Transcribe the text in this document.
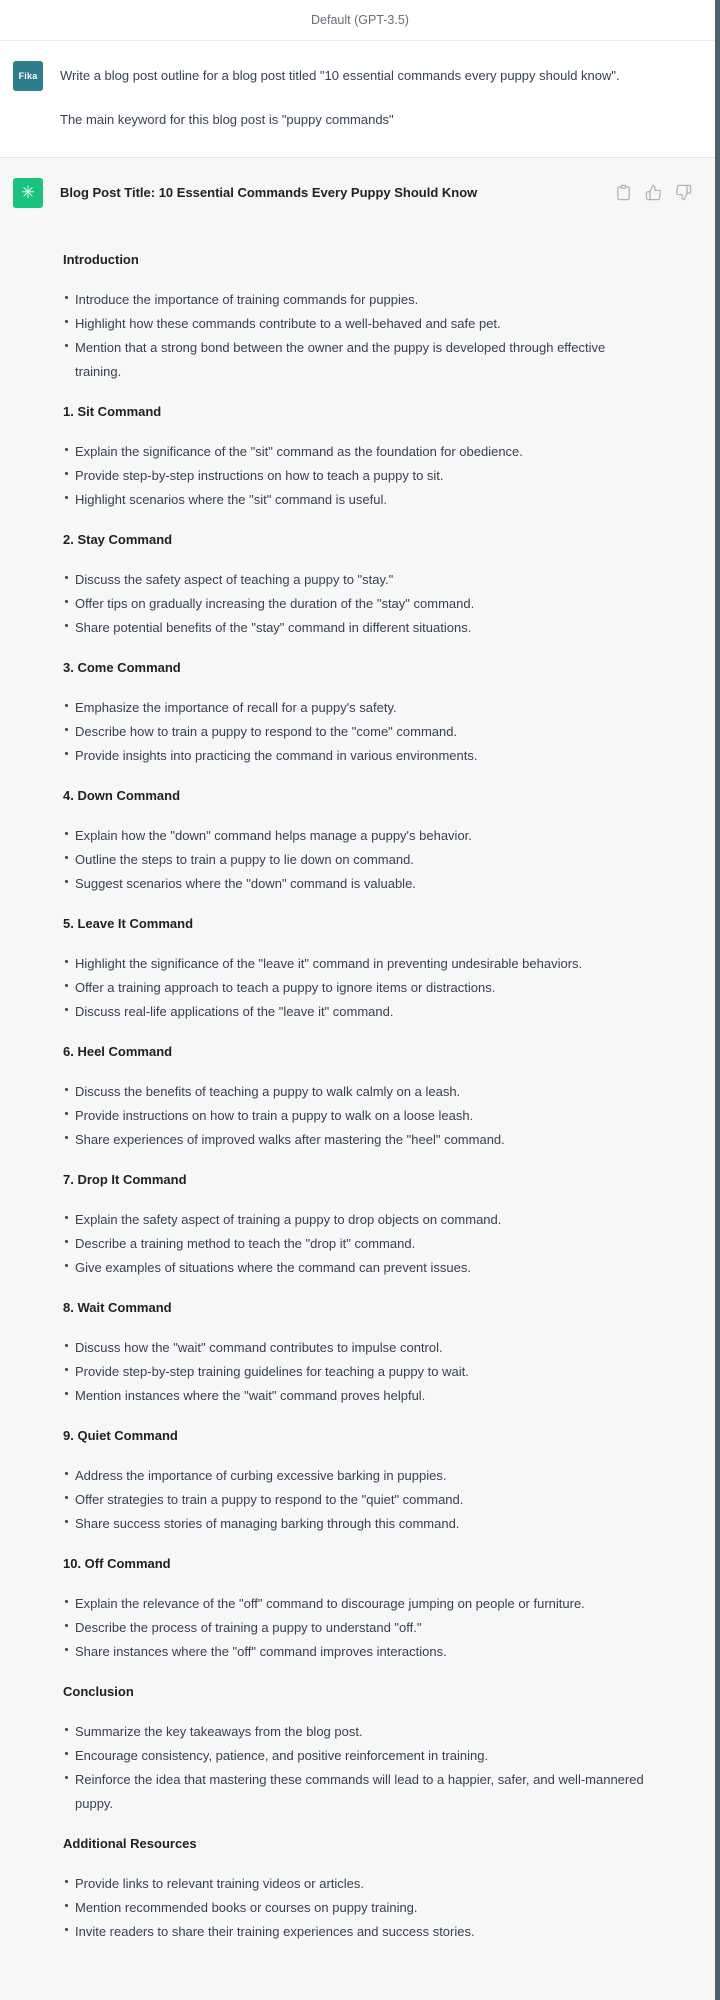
Default (GPT-3.5)
Fika Write a blog post outline for a blog post titled "10 essential commands every puppy should know".

The main keyword for this blog post is "puppy commands"

✳ Blog Post Title: 10 Essential Commands Every Puppy Should Know

Introduction
Introduce the importance of training commands for puppies.
Highlight how these commands contribute to a well-behaved and safe pet.
Mention that a strong bond between the owner and the puppy is developed through effective training.
1. Sit Command
Explain the significance of the "sit" command as the foundation for obedience.
Provide step-by-step instructions on how to teach a puppy to sit.
Highlight scenarios where the "sit" command is useful.
2. Stay Command
Discuss the safety aspect of teaching a puppy to "stay."
Offer tips on gradually increasing the duration of the "stay" command.
Share potential benefits of the "stay" command in different situations.
3. Come Command
Emphasize the importance of recall for a puppy's safety.
Describe how to train a puppy to respond to the "come" command.
Provide insights into practicing the command in various environments.
4. Down Command
Explain how the "down" command helps manage a puppy's behavior.
Outline the steps to train a puppy to lie down on command.
Suggest scenarios where the "down" command is valuable.
5. Leave It Command
Highlight the significance of the "leave it" command in preventing undesirable behaviors.
Offer a training approach to teach a puppy to ignore items or distractions.
Discuss real-life applications of the "leave it" command.
6. Heel Command
Discuss the benefits of teaching a puppy to walk calmly on a leash.
Provide instructions on how to train a puppy to walk on a loose leash.
Share experiences of improved walks after mastering the "heel" command.
7. Drop It Command
Explain the safety aspect of training a puppy to drop objects on command.
Describe a training method to teach the "drop it" command.
Give examples of situations where the command can prevent issues.
8. Wait Command
Discuss how the "wait" command contributes to impulse control.
Provide step-by-step training guidelines for teaching a puppy to wait.
Mention instances where the "wait" command proves helpful.
9. Quiet Command
Address the importance of curbing excessive barking in puppies.
Offer strategies to train a puppy to respond to the "quiet" command.
Share success stories of managing barking through this command.
10. Off Command
Explain the relevance of the "off" command to discourage jumping on people or furniture.
Describe the process of training a puppy to understand "off."
Share instances where the "off" command improves interactions.
Conclusion
Summarize the key takeaways from the blog post.
Encourage consistency, patience, and positive reinforcement in training.
Reinforce the idea that mastering these commands will lead to a happier, safer, and well-mannered puppy.
Additional Resources
Provide links to relevant training videos or articles.
Mention recommended books or courses on puppy training.
Invite readers to share their training experiences and success stories.
